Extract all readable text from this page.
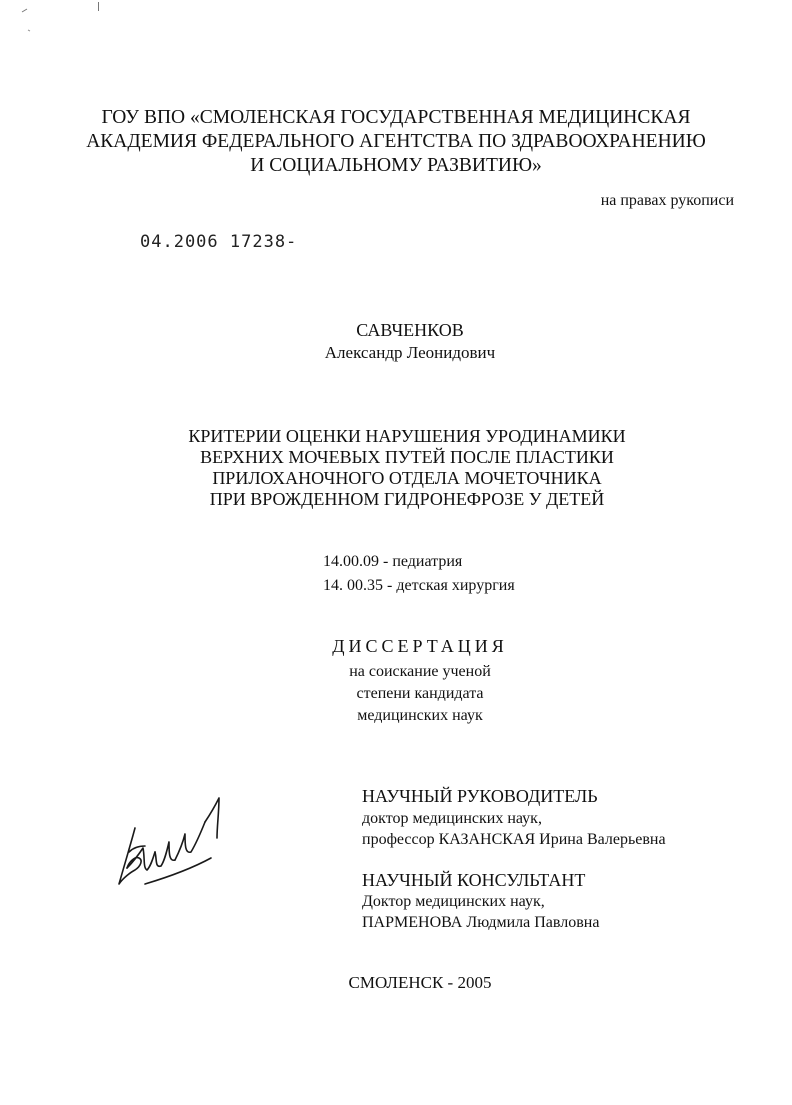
ГОУ ВПО «СМОЛЕНСКАЯ ГОСУДАРСТВЕННАЯ МЕДИЦИНСКАЯ
АКАДЕМИЯ ФЕДЕРАЛЬНОГО АГЕНТСТВА ПО ЗДРАВООХРАНЕНИЮ
И СОЦИАЛЬНОМУ РАЗВИТИЮ»
на правах рукописи
04.2006 17238-
САВЧЕНКОВ
Александр Леонидович
КРИТЕРИИ ОЦЕНКИ НАРУШЕНИЯ УРОДИНАМИКИ
ВЕРХНИХ МОЧЕВЫХ ПУТЕЙ ПОСЛЕ ПЛАСТИКИ
ПРИЛОХАНОЧНОГО ОТДЕЛА МОЧЕТОЧНИКА
ПРИ ВРОЖДЕННОМ ГИДРОНЕФРОЗЕ У ДЕТЕЙ
14.00.09 - педиатрия
14. 00.35 - детская хирургия
ДИССЕРТАЦИЯ
на соискание ученой
степени кандидата
медицинских наук
НАУЧНЫЙ РУКОВОДИТЕЛЬ
доктор медицинских наук,
профессор КАЗАНСКАЯ Ирина Валерьевна
НАУЧНЫЙ КОНСУЛЬТАНТ
Доктор медицинских наук,
ПАРМЕНОВА Людмила Павловна
СМОЛЕНСК - 2005
